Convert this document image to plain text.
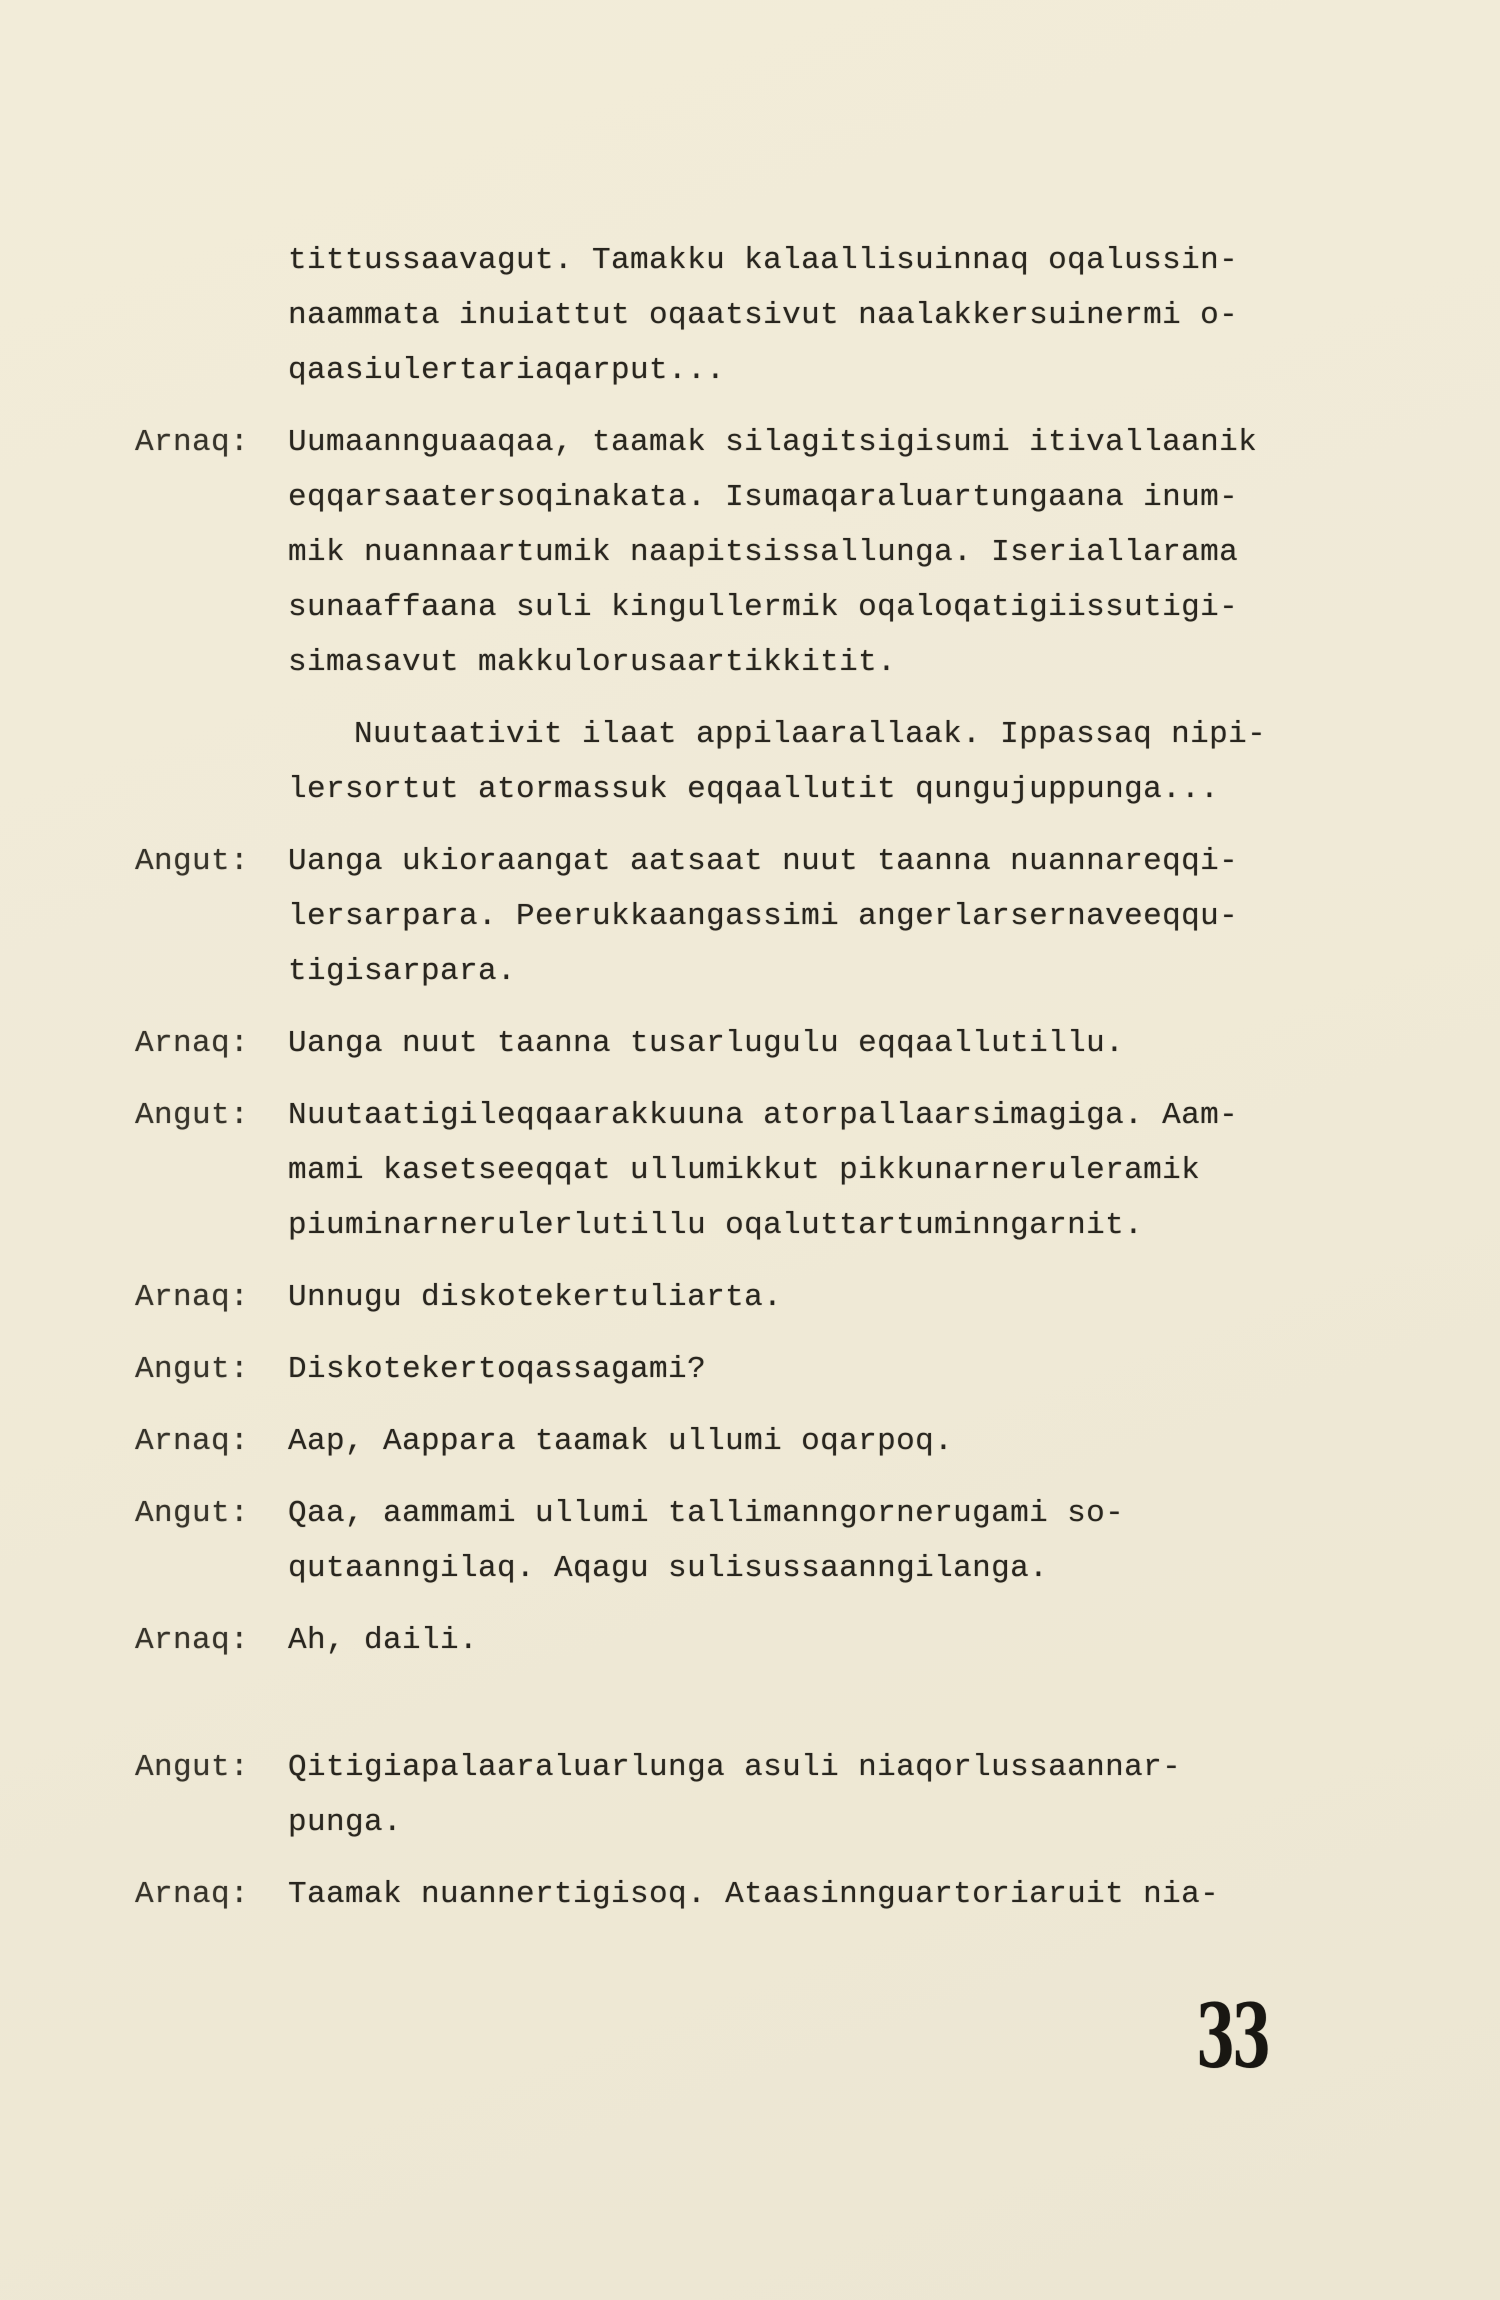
tittussaavagut. Tamakku kalaallisuinnaq oqalussin-
naammata inuiattut oqaatsivut naalakkersuinermi o-
qaasiulertariaqarput...
Arnaq:	Uumaannguaaqaa, taamak silagitsigisumi itivallaanik
eqqarsaatersoqinakata. Isumaqaraluartungaana inum-
mik nuannaartumik naapitsissallunga. Iseriallarama
sunaaffaana suli kingullermik oqaloqatigiissutigi-
simasavut makkulorusaartikkitit.
Nuutaativit ilaat appilaarallaak. Ippassaq nipi-
lersortut atormassuk eqqaallutit qungujuppunga...
Angut:	Uanga ukioraangat aatsaat nuut taanna nuannareqqi-
lersarpara. Peerukkaangassimi angerlarsernaveeqqu-
tigisarpara.
Arnaq:	Uanga nuut taanna tusarlugulu eqqaallutillu.
Angut:	Nuutaatigileqqaarakkuuna atorpallaarsimagiga. Aam-
mami kasetseeqqat ullumikkut pikkunarneruleramik
piuminarnerulerlutillu oqaluttartuminngarnit.
Arnaq:	Unnugu diskotekertuliarta.
Angut:	Diskotekertoqassagami?
Arnaq:	Aap, Aappara taamak ullumi oqarpoq.
Angut:	Qaa, aammami ullumi tallimanngornerugami so-
qutaanngilaq. Aqagu sulisussaanngilanga.
Arnaq:	Ah, daili.
Angut:	Qitigiapalaaraluarlunga asuli niaqorlussaannar-
punga.
Arnaq:	Taamak nuannertigisoq. Ataasinnguartoriaruit nia-
33
